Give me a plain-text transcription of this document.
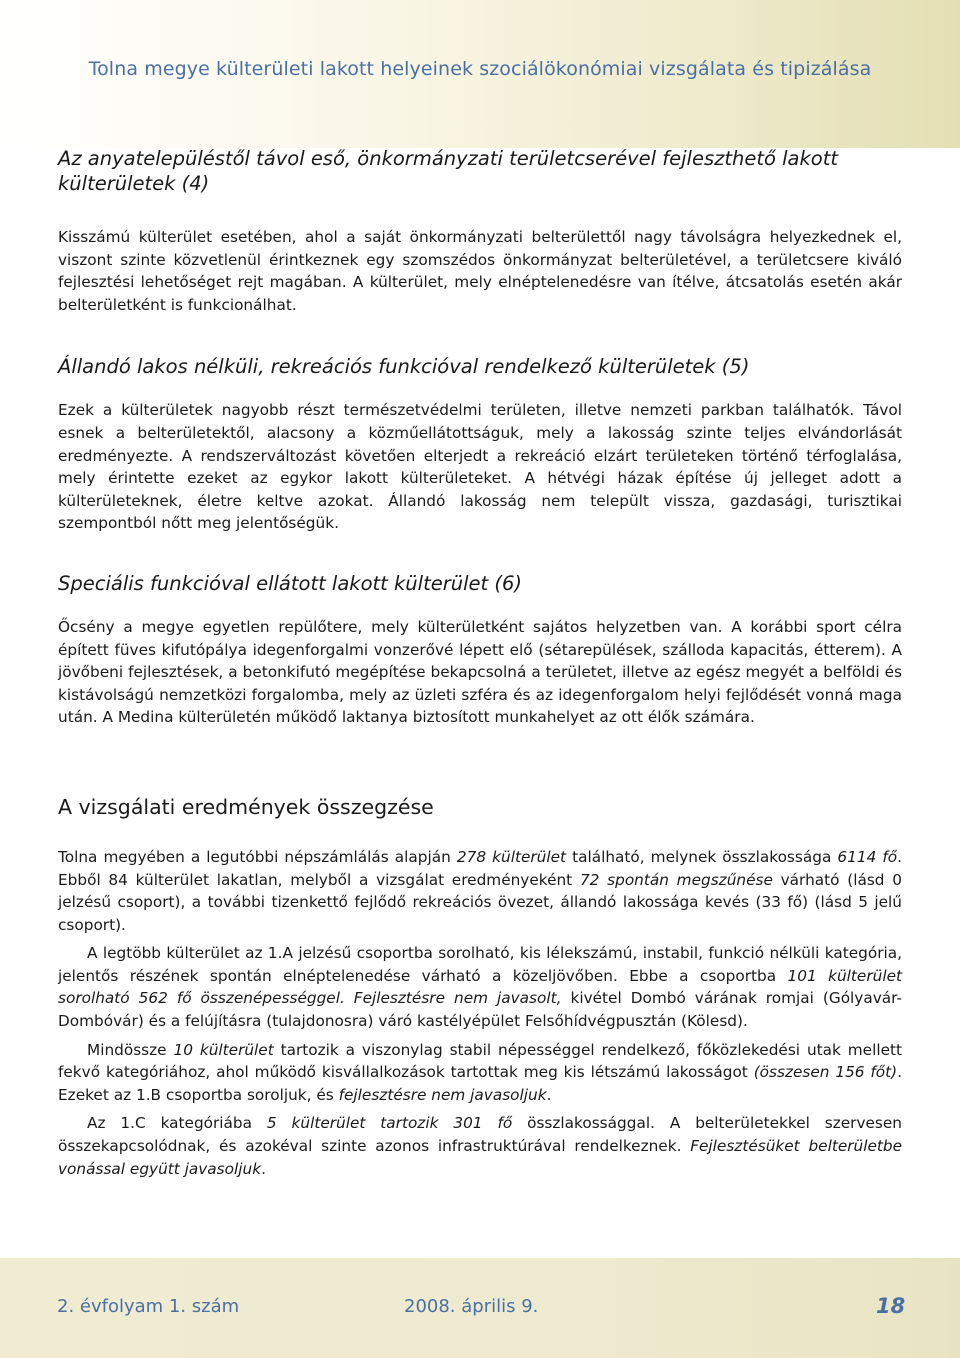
Tolna megye külterületi lakott helyeinek szociálökonómiai vizsgálata és tipizálása
Az anyatelepüléstől távol eső, önkormányzati területcserével fejleszthető lakott külterületek (4)

Kisszámú külterület esetében, ahol a saját önkormányzati belterülettől nagy távolságra helyezkednek el, viszont szinte közvetlenül érintkeznek egy szomszédos önkormányzat belterületével, a területcsere kiváló fejlesztési lehetőséget rejt magában. A külterület, mely elnéptelenedésre van ítélve, átcsatolás esetén akár belterületként is funkcionálhat.

Állandó lakos nélküli, rekreációs funkcióval rendelkező külterületek (5)

Ezek a külterületek nagyobb részt természetvédelmi területen, illetve nemzeti parkban találhatók. Távol esnek a belterületektől, alacsony a közműellátottságuk, mely a lakosság szinte teljes elvándorlását eredményezte. A rendszerváltozást követően elterjedt a rekreáció elzárt területeken történő térfoglalása, mely érintette ezeket az egykor lakott külterületeket. A hétvégi házak építése új jelleget adott a külterületeknek, életre keltve azokat. Állandó lakosság nem települt vissza, gazdasági, turisztikai szempontból nőtt meg jelentőségük.

Speciális funkcióval ellátott lakott külterület (6)

Őcsény a megye egyetlen repülőtere, mely külterületként sajátos helyzetben van. A korábbi sport célra épített füves kifutópálya idegenforgalmi vonzerővé lépett elő (sétarepülések, szálloda kapacitás, étterem). A jövőbeni fejlesztések, a betonkifutó megépítése bekapcsolná a területet, illetve az egész megyét a belföldi és kistávolságú nemzetközi forgalomba, mely az üzleti szféra és az idegenforgalom helyi fejlődését vonná maga után. A Medina külterületén működő laktanya biztosított munkahelyet az ott élők számára.

A vizsgálati eredmények összegzése

Tolna megyében a legutóbbi népszámlálás alapján 278 külterület található, melynek összlakossága 6114 fő. Ebből 84 külterület lakatlan, melyből a vizsgálat eredményeként 72 spontán megszűnése várható (lásd 0 jelzésű csoport), a további tizenkettő fejlődő rekreációs övezet, állandó lakossága kevés (33 fő) (lásd 5 jelű csoport).

A legtöbb külterület az 1.A jelzésű csoportba sorolható, kis lélekszámú, instabil, funkció nélküli kategória, jelentős részének spontán elnéptelenedése várható a közeljövőben. Ebbe a csoportba 101 külterület sorolható 562 fő összenépességgel. Fejlesztésre nem javasolt, kivétel Dombó várának romjai (Gólyavár-Dombóvár) és a felújításra (tulajdonosra) váró kastélyépület Felsőhídvégpusztán (Kölesd).

Mindössze 10 külterület tartozik a viszonylag stabil népességgel rendelkező, főközlekedési utak mellett fekvő kategóriához, ahol működő kisvállalkozások tartottak meg kis létszámú lakosságot (összesen 156 főt). Ezeket az 1.B csoportba soroljuk, és fejlesztésre nem javasoljuk.

Az 1.C kategóriába 5 külterület tartozik 301 fő összlakossággal. A belterületekkel szervesen összekapcsolódnak, és azokéval szinte azonos infrastruktúrával rendelkeznek. Fejlesztésüket belterületbe vonással együtt javasoljuk.

2. évfolyam 1. szám	2008. április 9.	18
